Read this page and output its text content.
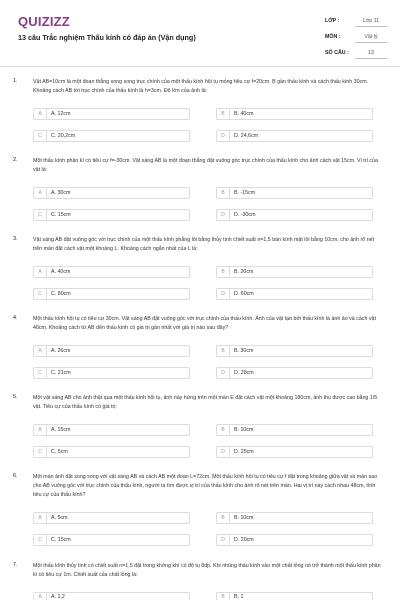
QUIZIZZ
13 câu Trắc nghiệm Thấu kính có đáp án (Vận dụng)
LỚP :	Lớp 11
MÔN :	Vật lý
SỐ CÂU :	13
1.	Vật AB=10cm là một đoạn thẳng song song trục chính của một thấu kính hội tụ mỏng tiêu cự f=20cm. B gần thấu kính và cách thấu kính 30cm. Khoảng cách AB tới trục chính của thấu kính là h=3cm. Độ lớn của ảnh là:
A	A. 12cm	B	B. 40cm
C	C. 20,2cm	D	D. 24,6cm
2.	Một thấu kính phân kì có tiêu cự f=-30cm. Vật sáng AB là một đoạn thẳng đặt vuông góc trục chính của thấu kính cho ảnh cách vật 15cm. Vị trí của vật là:
A	A. 30cm	B	B. -15cm
C	C. 15cm	D	D. -30cm
3.	Vật sáng AB đặt vuông góc với trục chính của một thấu kính phẳng lồi bằng thủy tinh chiết suất n=1,5 bán kính mặt lồi bằng 10cm, cho ảnh rõ nét trên màn đặt cách vật một khoảng L. Khoảng cách ngắn nhất của L là:
A	A. 40cm	B	B. 20cm
C	C. 80cm	D	D. 60cm
4.	Một thấu kính hội tụ có tiêu cự 30cm. Vật sáng AB đặt vuông góc với trục chính của thấu kính. Ảnh của vật tạo bởi thấu kính là ảnh ảo và cách vật 40cm. Khoảng cách từ AB đến thấu kính có giá trị gần nhất với giá trị nào sau đây?
A	A. 26cm	B	B. 30cm
C	C. 21cm	D	D. 28cm
5.	Một vật sáng AB cho ảnh thật qua một thấu kính hội tụ, ảnh này hứng trên một màn E đặt cách vật một khoảng 180cm, ảnh thu được cao bằng 1/5 vật. Tiêu cự của thấu kính có giá trị:
A	A. 15cm	B	B. 10cm
C	C. 5cm	D	D. 25cm
6.	Một màn ảnh đặt song song với vật sáng AB và cách AB một đoạn L=72cm. Một thấu kính hội tụ có tiêu cự f đặt trong khoảng giữa vật và màn sao cho AB vuông góc với trục chính của thấu kính, người ta tìm được vị trí của thấu kính cho ảnh rõ nét trên màn. Hai vị trí này cách nhau 48cm, tính tiêu cự của thấu kính?
A	A. 5cm	B	B. 10cm
C	C. 15cm	D	D. 20cm
7.	Một thấu kính thủy tinh có chiết suất n=1,5 đặt trong không khí có độ tụ 8dp. Khi nhúng thấu kính vào một chất lỏng nó trở thành một thấu kính phân kì có tiêu cự 1m. Chiết suất của chất lỏng là:
A	A. 1,2	B	B. 1
